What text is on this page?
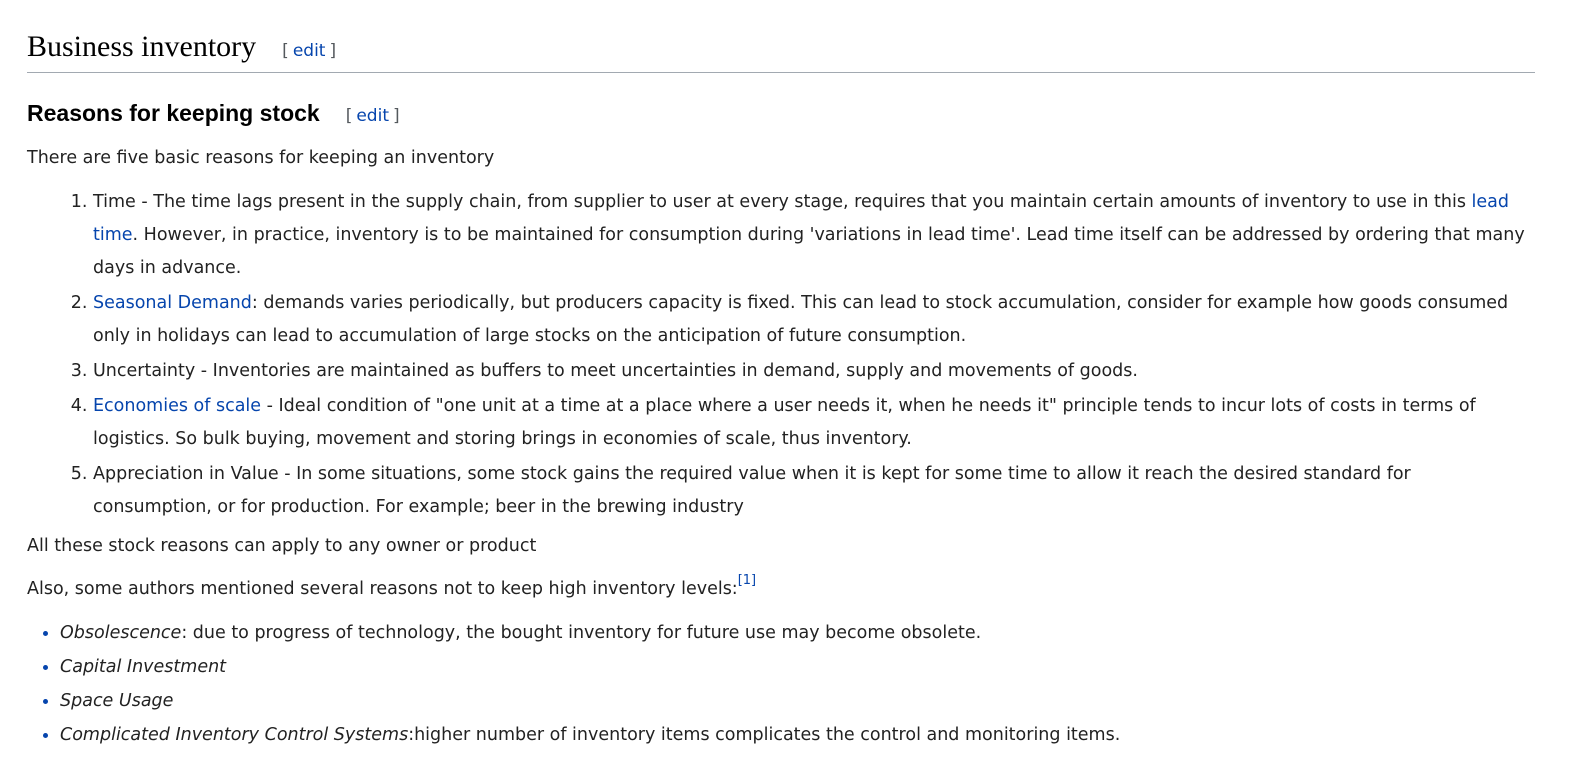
Business inventory [ edit ]
Reasons for keeping stock [ edit ]

There are five basic reasons for keeping an inventory

1. Time - The time lags present in the supply chain, from supplier to user at every stage, requires that you maintain certain amounts of inventory to use in this lead time. However, in practice, inventory is to be maintained for consumption during 'variations in lead time'. Lead time itself can be addressed by ordering that many days in advance.
2. Seasonal Demand: demands varies periodically, but producers capacity is fixed. This can lead to stock accumulation, consider for example how goods consumed only in holidays can lead to accumulation of large stocks on the anticipation of future consumption.
3. Uncertainty - Inventories are maintained as buffers to meet uncertainties in demand, supply and movements of goods.
4. Economies of scale - Ideal condition of "one unit at a time at a place where a user needs it, when he needs it" principle tends to incur lots of costs in terms of logistics. So bulk buying, movement and storing brings in economies of scale, thus inventory.
5. Appreciation in Value - In some situations, some stock gains the required value when it is kept for some time to allow it reach the desired standard for consumption, or for production. For example; beer in the brewing industry

All these stock reasons can apply to any owner or product

Also, some authors mentioned several reasons not to keep high inventory levels:[1]

Obsolescence: due to progress of technology, the bought inventory for future use may become obsolete.
Capital Investment
Space Usage
Complicated Inventory Control Systems:higher number of inventory items complicates the control and monitoring items.
